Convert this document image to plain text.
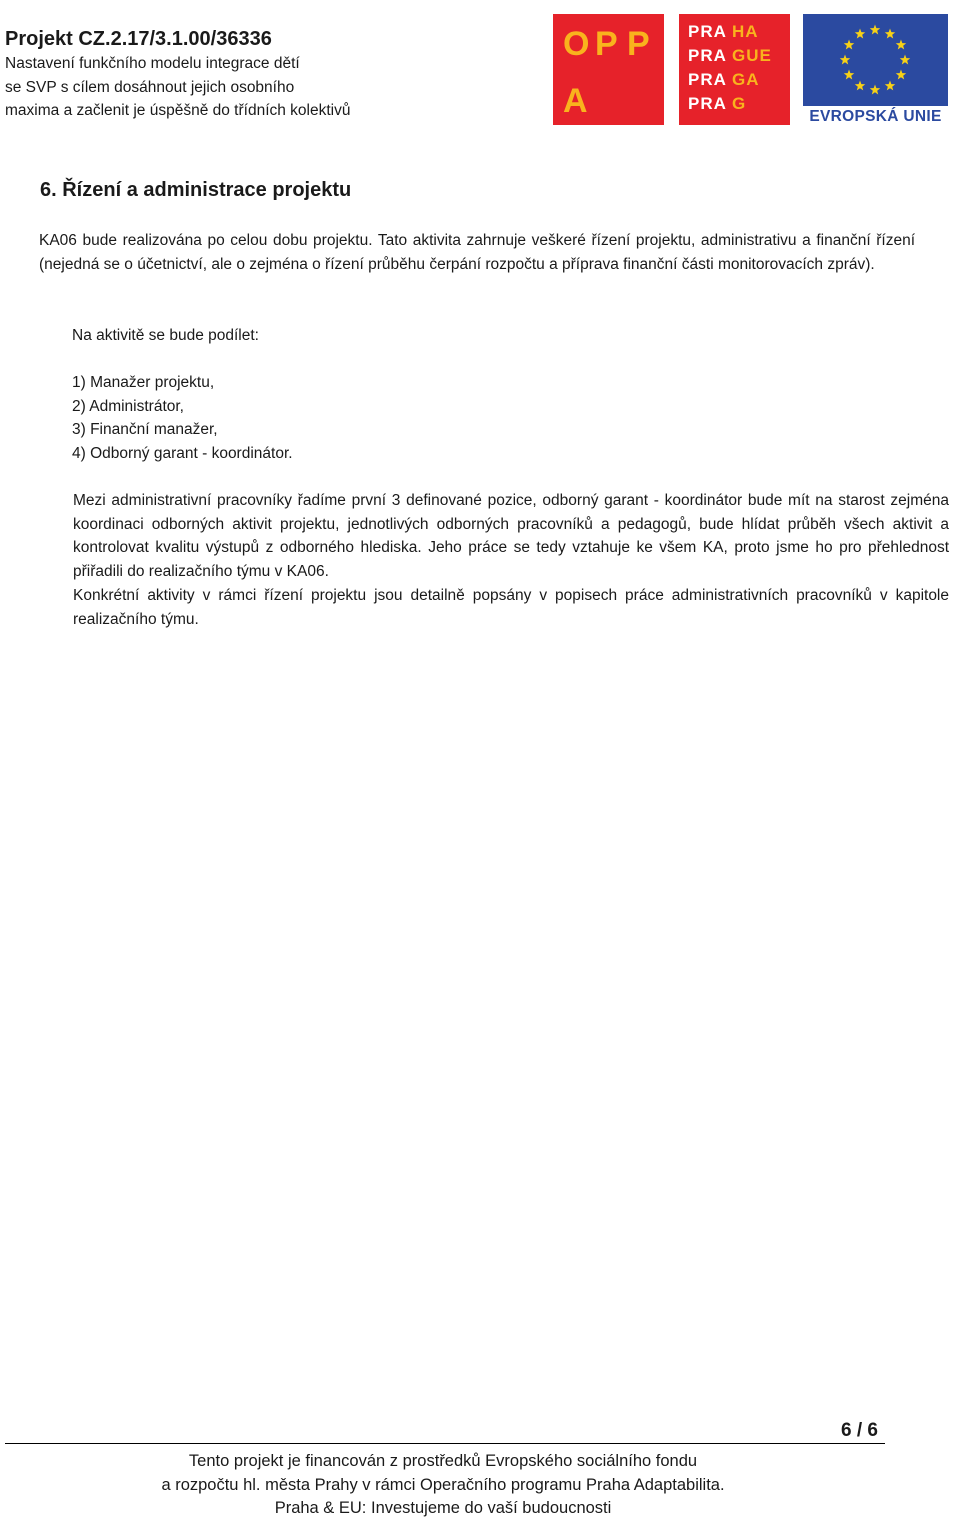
Projekt CZ.2.17/3.1.00/36336
Nastavení funkčního modelu integrace dětí
se SVP s cílem dosáhnout jejich osobního
maxima a začlenit je úspěšně do třídních kolektivů
O P P
A
PRA HA
PRA GUE
PRA GA
PRA G
EVROPSKÁ UNIE
6. Řízení a administrace projektu

KA06 bude realizována po celou dobu projektu. Tato aktivita zahrnuje veškeré řízení projektu, administrativu a finanční řízení (nejedná se o účetnictví, ale o zejména o řízení průběhu čerpání rozpočtu a příprava finanční části monitorovacích zpráv).

Na aktivitě se bude podílet:

1) Manažer projektu,
2) Administrátor,
3) Finanční manažer,
4) Odborný garant - koordinátor.

Mezi administrativní pracovníky řadíme první 3 definované pozice, odborný garant - koordinátor bude mít na starost zejména koordinaci odborných aktivit projektu, jednotlivých odborných pracovníků a pedagogů, bude hlídat průběh všech aktivit a kontrolovat kvalitu výstupů z odborného hlediska. Jeho práce se tedy vztahuje ke všem KA, proto jsme ho pro přehlednost přiřadili do realizačního týmu v KA06.

Konkrétní aktivity v rámci řízení projektu jsou detailně popsány v popisech práce administrativních pracovníků v kapitole realizačního týmu.

6 / 6
Tento projekt je financován z prostředků Evropského sociálního fondu
a rozpočtu hl. města Prahy v rámci Operačního programu Praha Adaptabilita.
Praha & EU: Investujeme do vaší budoucnosti
